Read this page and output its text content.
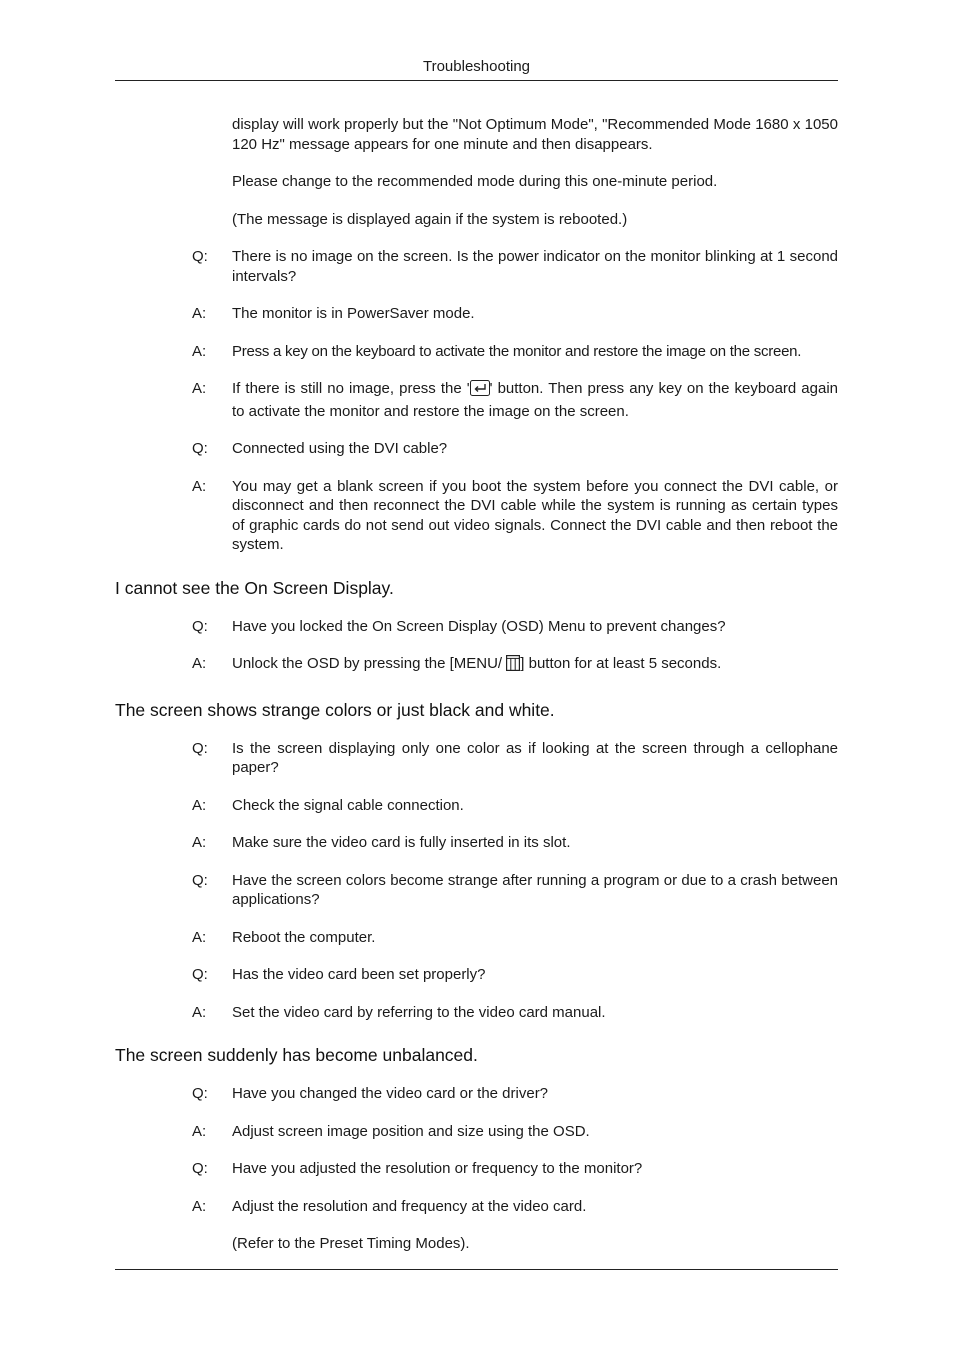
Troubleshooting

display will work properly but the "Not Optimum Mode", "Recommended Mode 1680 x 1050 120 Hz" message appears for one minute and then disappears.

Please change to the recommended mode during this one-minute period.

(The message is displayed again if the system is rebooted.)

Q: There is no image on the screen. Is the power indicator on the monitor blinking at 1 second intervals?
A: The monitor is in PowerSaver mode.
A: Press a key on the keyboard to activate the monitor and restore the image on the screen.
A: If there is still no image, press the ' ' button. Then press any key on the keyboard again to activate the monitor and restore the image on the screen.
Q: Connected using the DVI cable?
A: You may get a blank screen if you boot the system before you connect the DVI cable, or disconnect and then reconnect the DVI cable while the system is running as certain types of graphic cards do not send out video signals. Connect the DVI cable and then reboot the system.
I cannot see the On Screen Display.
Q: Have you locked the On Screen Display (OSD) Menu to prevent changes?
A: Unlock the OSD by pressing the [MENU/ ] button for at least 5 seconds.
The screen shows strange colors or just black and white.
Q: Is the screen displaying only one color as if looking at the screen through a cellophane paper?
A: Check the signal cable connection.
A: Make sure the video card is fully inserted in its slot.
Q: Have the screen colors become strange after running a program or due to a crash between applications?
A: Reboot the computer.
Q: Has the video card been set properly?
A: Set the video card by referring to the video card manual.
The screen suddenly has become unbalanced.
Q: Have you changed the video card or the driver?
A: Adjust screen image position and size using the OSD.
Q: Have you adjusted the resolution or frequency to the monitor?
A: Adjust the resolution and frequency at the video card.

(Refer to the Preset Timing Modes).
